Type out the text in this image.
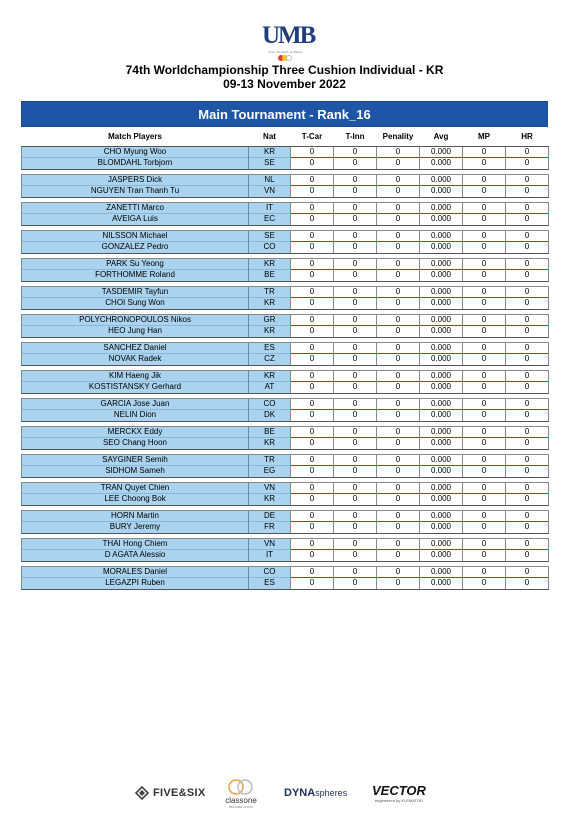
UMB
Union Mondiale de Billard
74th Worldchampionship Three Cushion Individual - KR
09-13 November 2022
Main Tournament - Rank_16
Match Players	Nat	T-Car	T-Inn	Penality	Avg	MP	HR
CHO Myung Woo	KR	0	0	0	0.000	0	0
BLOMDAHL Torbjorn	SE	0	0	0	0.000	0	0

JASPERS Dick	NL	0	0	0	0.000	0	0
NGUYEN Tran Thanh Tu	VN	0	0	0	0.000	0	0

ZANETTI Marco	IT	0	0	0	0.000	0	0
AVEIGA Luis	EC	0	0	0	0.000	0	0

NILSSON Michael	SE	0	0	0	0.000	0	0
GONZALEZ Pedro	CO	0	0	0	0.000	0	0

PARK Su Yeong	KR	0	0	0	0.000	0	0
FORTHOMME Roland	BE	0	0	0	0.000	0	0

TASDEMIR Tayfun	TR	0	0	0	0.000	0	0
CHOI Sung Won	KR	0	0	0	0.000	0	0

POLYCHRONOPOULOS Nikos	GR	0	0	0	0.000	0	0
HEO Jung Han	KR	0	0	0	0.000	0	0

SANCHEZ Daniel	ES	0	0	0	0.000	0	0
NOVAK Radek	CZ	0	0	0	0.000	0	0

KIM Haeng Jik	KR	0	0	0	0.000	0	0
KOSTISTANSKY Gerhard	AT	0	0	0	0.000	0	0

GARCIA Jose Juan	CO	0	0	0	0.000	0	0
NELIN Dion	DK	0	0	0	0.000	0	0

MERCKX Eddy	BE	0	0	0	0.000	0	0
SEO Chang Hoon	KR	0	0	0	0.000	0	0

SAYGINER Semih	TR	0	0	0	0.000	0	0
SIDHOM Sameh	EG	0	0	0	0.000	0	0

TRAN Quyet Chien	VN	0	0	0	0.000	0	0
LEE Choong Bok	KR	0	0	0	0.000	0	0

HORN Martin	DE	0	0	0	0.000	0	0
BURY Jeremy	FR	0	0	0	0.000	0	0

THAI Hong Chiem	VN	0	0	0	0.000	0	0
D AGATA Alessio	IT	0	0	0	0.000	0	0

MORALES Daniel	CO	0	0	0	0.000	0	0
LEGAZPI Ruben	ES	0	0	0	0.000	0	0
FIVE&SIX
classone
BILLIARD CLOTH
DYNA spheres VECTOR
engineered by KLEMATOR
